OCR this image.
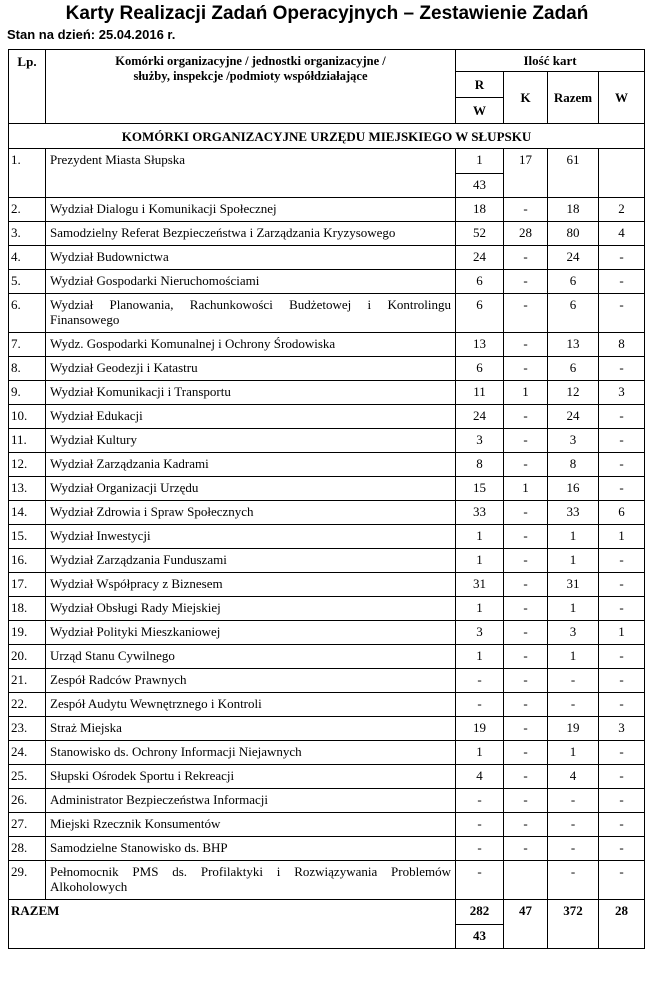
Karty Realizacji Zadań Operacyjnych – Zestawienie Zadań
Stan na dzień: 25.04.2016 r.
Lp.	Komórki organizacyjne / jednostki organizacyjne / służby, inspekcje /podmioty współdziałające	Ilość kart			
		R	K	Razem	W
		W			
KOMÓRKI ORGANIZACYJNE URZĘDU MIEJSKIEGO W SŁUPSKU					
1.	Prezydent Miasta Słupska	1	17	61	
		43			
2.	Wydział Dialogu i Komunikacji Społecznej	18	-	18	2
3.	Samodzielny Referat Bezpieczeństwa i Zarządzania Kryzysowego	52	28	80	4
4.	Wydział Budownictwa	24	-	24	-
5.	Wydział Gospodarki Nieruchomościami	6	-	6	-
6.	Wydział Planowania, Rachunkowości Budżetowej i Kontrolingu Finansowego	6	-	6	-
7.	Wydz. Gospodarki Komunalnej i Ochrony Środowiska	13	-	13	8
8.	Wydział Geodezji i Katastru	6	-	6	-
9.	Wydział Komunikacji i Transportu	11	1	12	3
10.	Wydział Edukacji	24	-	24	-
11.	Wydział Kultury	3	-	3	-
12.	Wydział Zarządzania Kadrami	8	-	8	-
13.	Wydział Organizacji Urzędu	15	1	16	-
14.	Wydział Zdrowia i Spraw Społecznych	33	-	33	6
15.	Wydział Inwestycji	1	-	1	1
16.	Wydział Zarządzania Funduszami	1	-	1	-
17.	Wydział Współpracy z Biznesem	31	-	31	-
18.	Wydział Obsługi Rady Miejskiej	1	-	1	-
19.	Wydział Polityki Mieszkaniowej	3	-	3	1
20.	Urząd Stanu Cywilnego	1	-	1	-
21.	Zespół Radców Prawnych	-	-	-	-
22.	Zespół Audytu Wewnętrznego i Kontroli	-	-	-	-
23.	Straż Miejska	19	-	19	3
24.	Stanowisko ds. Ochrony Informacji Niejawnych	1	-	1	-
25.	Słupski Ośrodek Sportu i Rekreacji	4	-	4	-
26.	Administrator Bezpieczeństwa Informacji	-	-	-	-
27.	Miejski Rzecznik Konsumentów	-	-	-	-
28.	Samodzielne Stanowisko ds. BHP	-	-	-	-
29.	Pełnomocnik PMS ds. Profilaktyki i Rozwiązywania Problemów Alkoholowych	-		-	-
RAZEM		282	47	372	28
		43			
